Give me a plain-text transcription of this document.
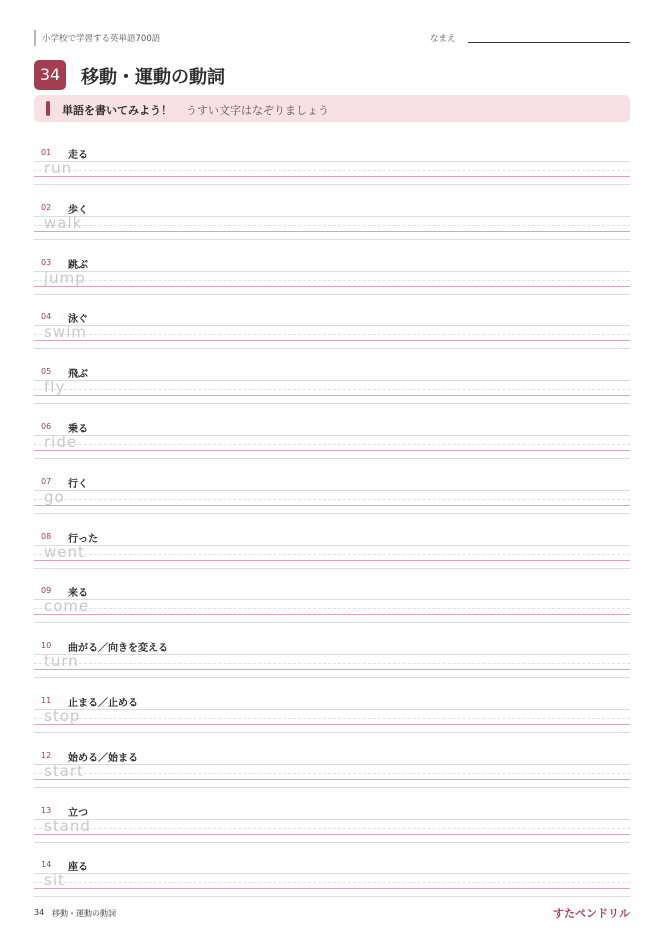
小学校で学習する英単語700語	なまえ
34	移動・運動の動詞
単語を書いてみよう！ うすい文字はなぞりましょう
01 走る
run
02 歩く
walk
03 跳ぶ
jump
04 泳ぐ
swim
05 飛ぶ
fly
06 乗る
ride
07 行く
go
08 行った
went
09 来る
come
10 曲がる／向きを変える
turn
11 止まる／止める
stop
12 始める／始まる
start
13 立つ
stand
14 座る
sit
34 移動・運動の動詞	すたペンドリル
